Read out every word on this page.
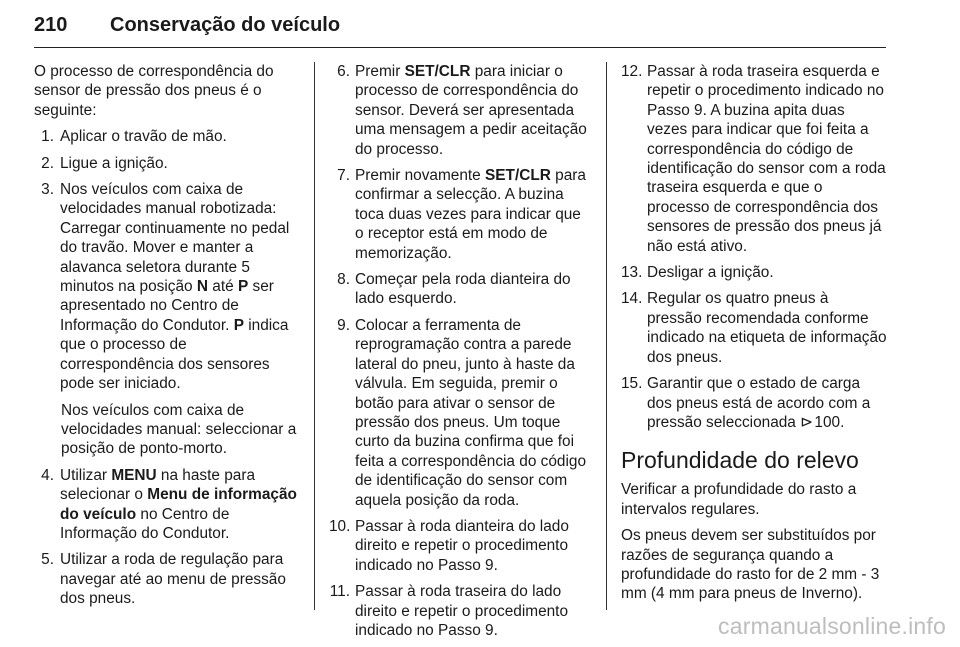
210 Conservação do veículo

O processo de correspondência do sensor de pressão dos pneus é o seguinte:

1. Aplicar o travão de mão.
2. Ligue a ignição.
3. Nos veículos com caixa de velocidades manual robotizada: Carregar continuamente no pedal do travão. Mover e manter a alavanca seletora durante 5 minutos na posição N até P ser apresentado no Centro de Informação do Condutor. P indica que o processo de correspondência dos sensores pode ser iniciado.

Nos veículos com caixa de velocidades manual: seleccionar a posição de ponto-morto.

4. Utilizar MENU na haste para selecionar o Menu de informação do veículo no Centro de Informação do Condutor.
5. Utilizar a roda de regulação para navegar até ao menu de pressão dos pneus.
6. Premir SET/CLR para iniciar o processo de correspondência do sensor. Deverá ser apresentada uma mensagem a pedir aceitação do processo.
7. Premir novamente SET/CLR para confirmar a selecção. A buzina toca duas vezes para indicar que o receptor está em modo de memorização.
8. Começar pela roda dianteira do lado esquerdo.
9. Colocar a ferramenta de reprogramação contra a parede lateral do pneu, junto à haste da válvula. Em seguida, premir o botão para ativar o sensor de pressão dos pneus. Um toque curto da buzina confirma que foi feita a correspondência do código de identificação do sensor com aquela posição da roda.
10. Passar à roda dianteira do lado direito e repetir o procedimento indicado no Passo 9.
11. Passar à roda traseira do lado direito e repetir o procedimento indicado no Passo 9.
12. Passar à roda traseira esquerda e repetir o procedimento indicado no Passo 9. A buzina apita duas vezes para indicar que foi feita a correspondência do código de identificação do sensor com a roda traseira esquerda e que o processo de correspondência dos sensores de pressão dos pneus já não está ativo.
13. Desligar a ignição.
14. Regular os quatro pneus à pressão recomendada conforme indicado na etiqueta de informação dos pneus.
15. Garantir que o estado de carga dos pneus está de acordo com a pressão seleccionada ⊳ 100.
Profundidade do relevo

Verificar a profundidade do rasto a intervalos regulares.

Os pneus devem ser substituídos por razões de segurança quando a profundidade do rasto for de 2 mm - 3 mm (4 mm para pneus de Inverno).

carmanualsonline.info
